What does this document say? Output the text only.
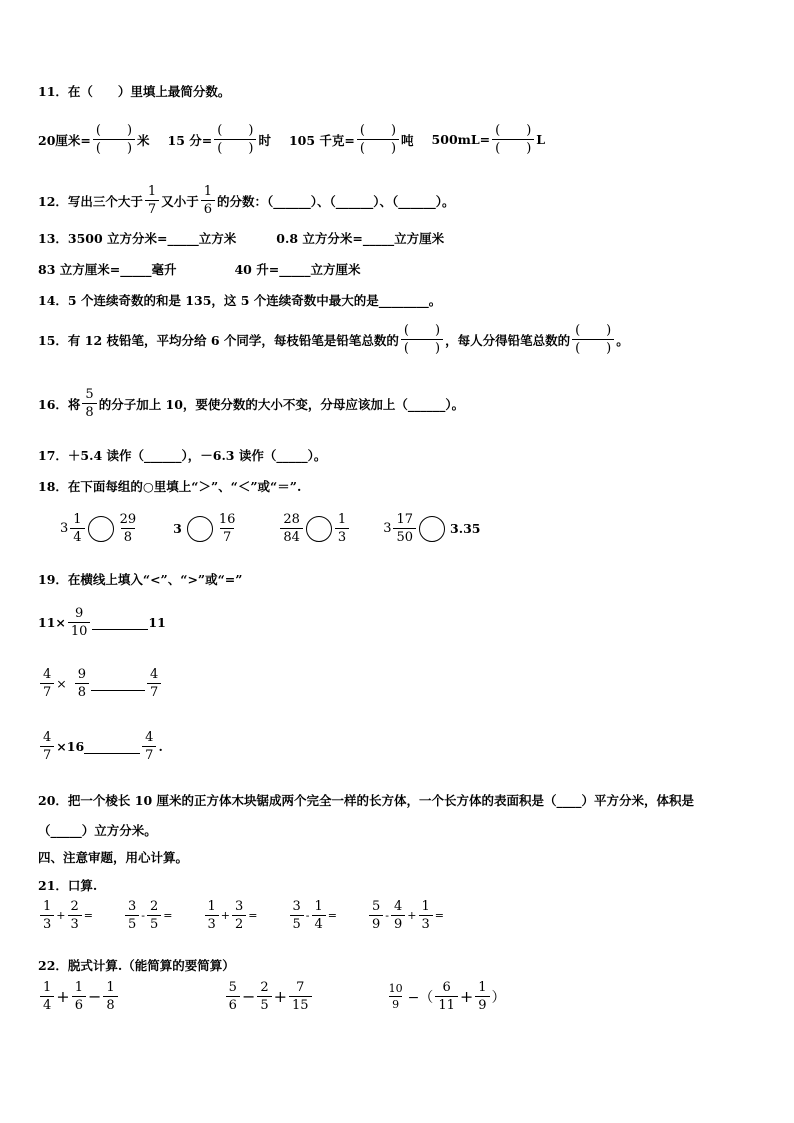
11．在（　　）里填上最简分数。
20厘米= $\frac{( )}{( )}$ 米 15 分= $\frac{( )}{( )}$ 时 105 千克= $\frac{( )}{( )}$ 吨 $500mL= \frac{( )}{( )}$ L
12．写出三个大于 $\frac{1}{7}$ 又小于 $\frac{1}{6}$ 的分数：（______）、（______）、（______）。
13．3500 立方分米=_____立方米	0.8 立方分米=_____立方厘米
83 立方厘米=_____毫升	40 升=_____立方厘米
14．5 个连续奇数的和是 135，这 5 个连续奇数中最大的是________。
15．有 12 枝铅笔，平均分给 6 个同学，每枝铅笔是铅笔总数的 $\frac{( )}{( )}$ ，每人分得铅笔总数的 $\frac{( )}{( )}$ 。
16．将 $\frac{5}{8}$ 的分子加上 10，要使分数的大小不变，分母应该加上（______）。
17．＋5.4 读作（______），－6.3 读作（_____）。
18．在下面每组的○里填上“＞”、“＜”或“＝”.
$3 \frac{1}{4} \frac{29}{8}$	3	$\frac{16}{7}$	$\frac{28}{84} \frac{1}{3}$	$3 \frac{17}{50}$	3.35
19．在横线上填入“<”、“>”或“=”
$11\times \frac{9}{10}$	11
$\frac{4}{7} \times \frac{9}{8}$	$\frac{4}{7}$
$\frac{4}{7} \times 16$	$\frac{4}{7}$ .
20．把一个棱长 10 厘米的正方体木块锯成两个完全一样的长方体，一个长方体的表面积是（____）平方分米，体积是
（_____）立方分米。
四、注意审题，用心计算。
21．口算.
$\frac{1}{3} + \frac{2}{3} = \frac{3}{5} - \frac{2}{5} = \frac{1}{3} + \frac{3}{2} = \frac{3}{5} - \frac{1}{4} = \frac{5}{9} - \frac{4}{9} + \frac{1}{3}$ =
22．脱式计算.（能简算的要简算）
$\frac{1}{4} + \frac{1}{6} - \frac{1}{8}$	$\frac{5}{6} - \frac{2}{5} + \frac{7}{15}$	$\frac{10}{9}$ −（ $\frac{6}{11} + \frac{1}{9}$ ）
